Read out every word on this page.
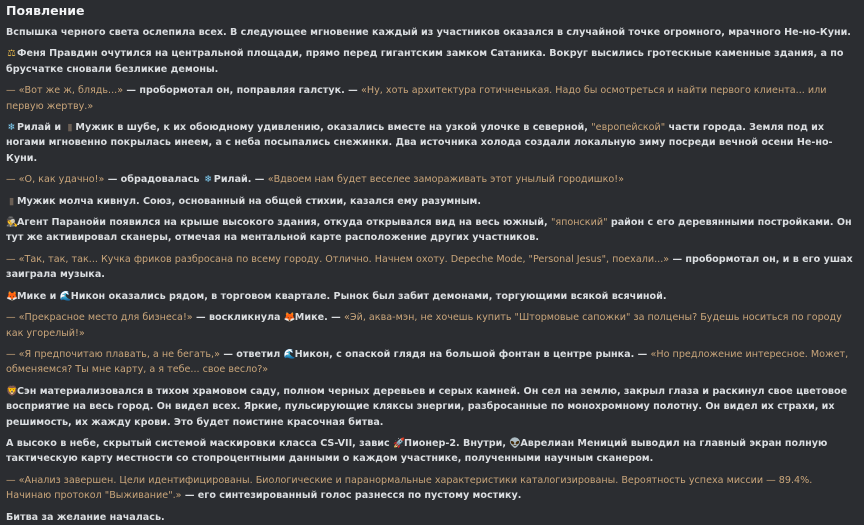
Появление

Вспышка черного света ослепила всех. В следующее мгновение каждый из участников оказался в случайной точке огромного, мрачного Не-но-Куни.

⚖Феня Правдин очутился на центральной площади, прямо перед гигантским замком Сатаника. Вокруг высились гротескные каменные здания, а по брусчатке сновали безликие демоны.

— «Вот же ж, блядь...» — пробормотал он, поправляя галстук. — «Ну, хоть архитектура готичненькая. Надо бы осмотреться и найти первого клиента... или первую жертву.»

❄Рилай и ▮ Мужик в шубе, к их обоюдному удивлению, оказались вместе на узкой улочке в северной, "европейской" части города. Земля под их ногами мгновенно покрылась инеем, а с неба посыпались снежинки. Два источника холода создали локальную зиму посреди вечной осени Не-но-Куни.

— «О, как удачно!» — обрадовалась ❄Рилай. — «Вдвоем нам будет веселее замораживать этот унылый городишко!»

▮ Мужик молча кивнул. Союз, основанный на общей стихии, казался ему разумным.

🕵Агент Паранойи появился на крыше высокого здания, откуда открывался вид на весь южный, "японский" район с его деревянными постройками. Он тут же активировал сканеры, отмечая на ментальной карте расположение других участников.

— «Так, так, так... Кучка фриков разбросана по всему городу. Отлично. Начнем охоту. Depeche Mode, "Personal Jesus", поехали...» — пробормотал он, и в его ушах заиграла музыка.

🦊Мике и 🌊Никон оказались рядом, в торговом квартале. Рынок был забит демонами, торгующими всякой всячиной.

— «Прекрасное место для бизнеса!» — воскликнула 🦊Мике. — «Эй, аква-мэн, не хочешь купить "Штормовые сапожки" за полцены? Будешь носиться по городу как угорелый!»

— «Я предпочитаю плавать, а не бегать,» — ответил 🌊Никон, с опаской глядя на большой фонтан в центре рынка. — «Но предложение интересное. Может, обменяемся? Ты мне карту, а я тебе... свое весло?»

🦁Сэн материализовался в тихом храмовом саду, полном черных деревьев и серых камней. Он сел на землю, закрыл глаза и раскинул свое цветовое восприятие на весь город. Он видел всех. Яркие, пульсирующие кляксы энергии, разбросанные по монохромному полотну. Он видел их страхи, их решимость, их жажду крови. Это будет поистине красочная битва.

А высоко в небе, скрытый системой маскировки класса CS-VII, завис 🚀Пионер-2. Внутри, 👽Аврелиан Мениций выводил на главный экран полную тактическую карту местности со стопроцентными данными о каждом участнике, полученными научным сканером.

— «Анализ завершен. Цели идентифицированы. Биологические и паранормальные характеристики каталогизированы. Вероятность успеха миссии — 89.4%. Начинаю протокол "Выживание".» — его синтезированный голос разнесся по пустому мостику.

Битва за желание началась.
